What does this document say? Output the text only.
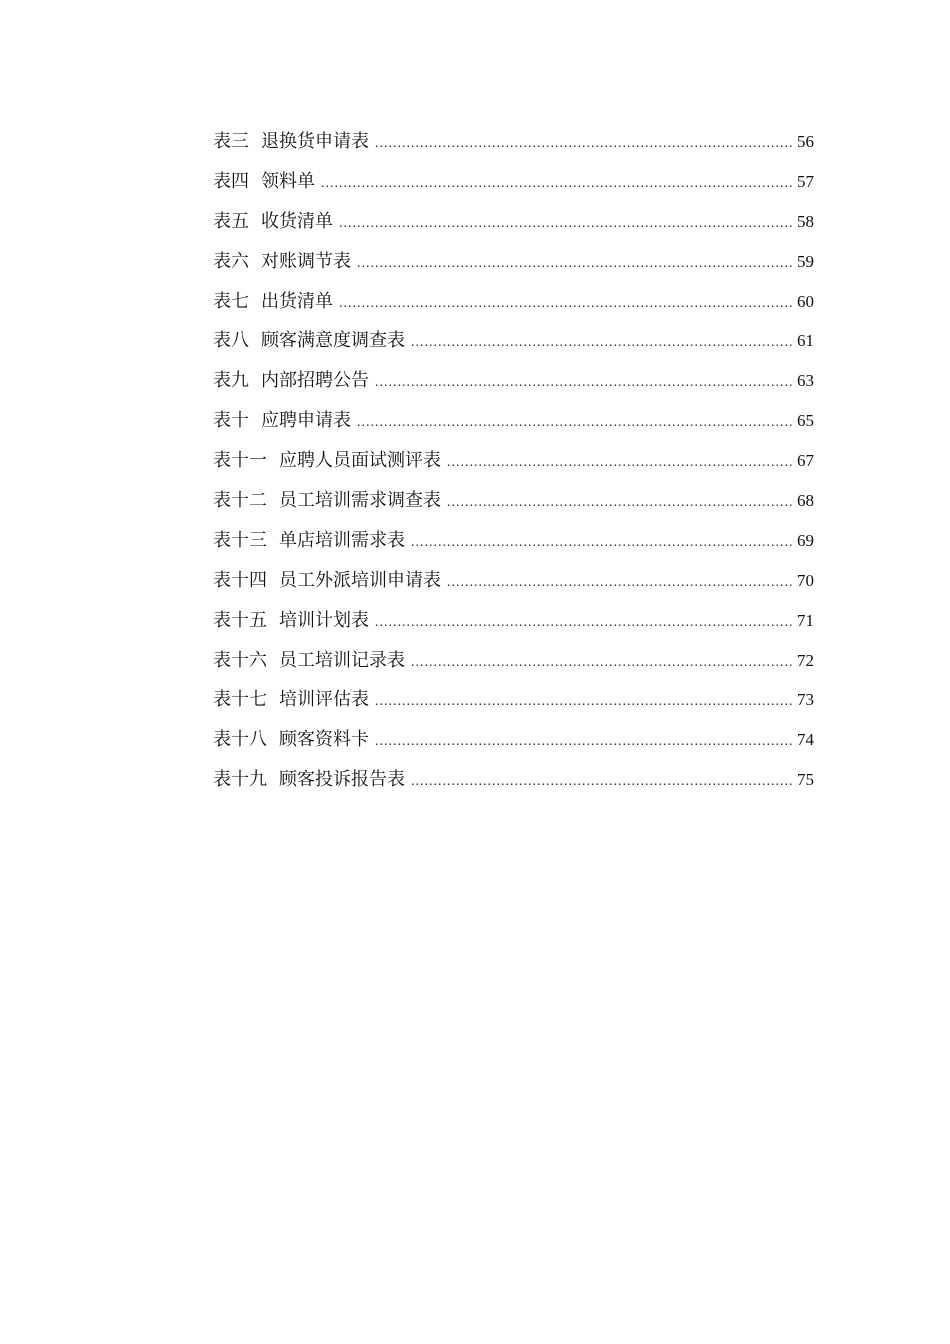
表三 退换货申请表 .....	56
表四 领料单 .....	57
表五 收货清单 .....	58
表六 对账调节表 .....	59
表七 出货清单 .....	60
表八 顾客满意度调查表 .....	61
表九 内部招聘公告 .....	63
表十 应聘申请表 .....	65
表十一 应聘人员面试测评表 .....	67
表十二 员工培训需求调查表 .....	68
表十三 单店培训需求表 .....	69
表十四 员工外派培训申请表 .....	70
表十五 培训计划表 .....	71
表十六 员工培训记录表 .....	72
表十七 培训评估表 .....	73
表十八 顾客资料卡 .....	74
表十九 顾客投诉报告表 .....	75
